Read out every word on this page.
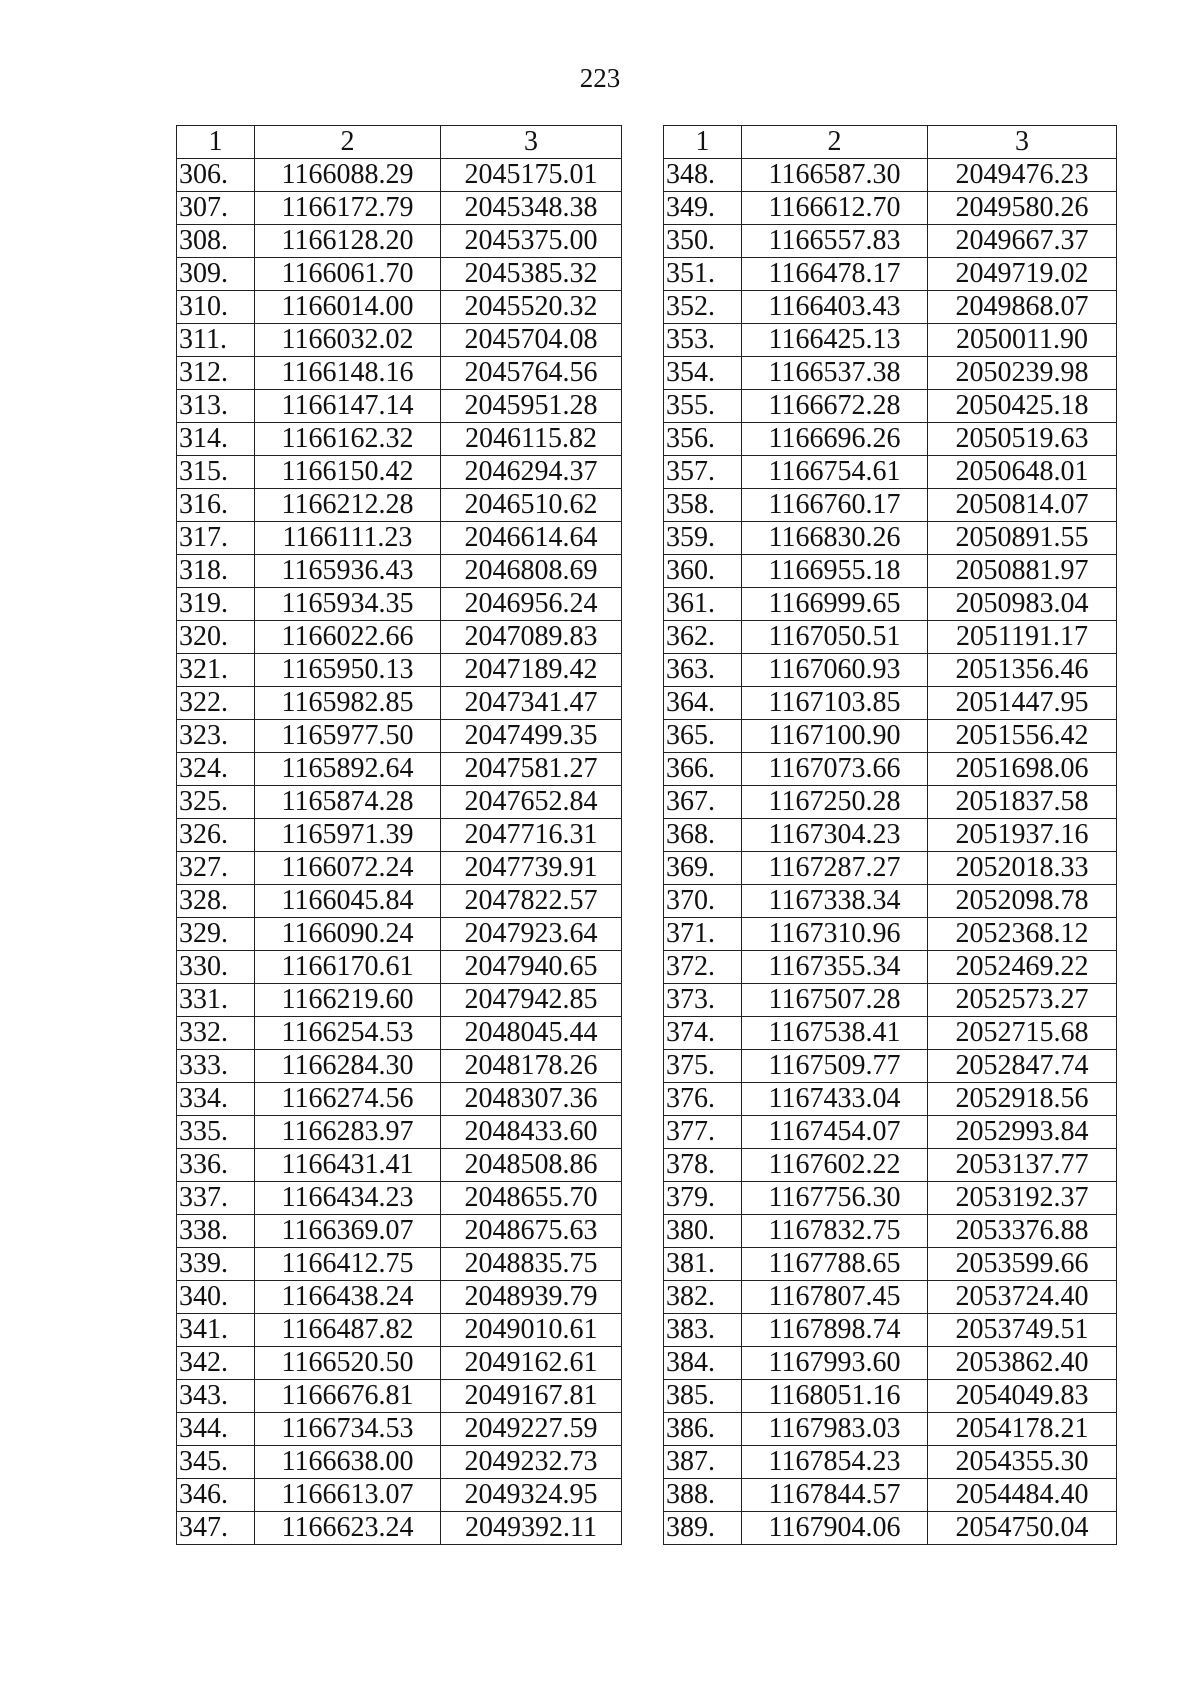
223
1	2	3
306.	1166088.29	2045175.01
307.	1166172.79	2045348.38
308.	1166128.20	2045375.00
309.	1166061.70	2045385.32
310.	1166014.00	2045520.32
311.	1166032.02	2045704.08
312.	1166148.16	2045764.56
313.	1166147.14	2045951.28
314.	1166162.32	2046115.82
315.	1166150.42	2046294.37
316.	1166212.28	2046510.62
317.	1166111.23	2046614.64
318.	1165936.43	2046808.69
319.	1165934.35	2046956.24
320.	1166022.66	2047089.83
321.	1165950.13	2047189.42
322.	1165982.85	2047341.47
323.	1165977.50	2047499.35
324.	1165892.64	2047581.27
325.	1165874.28	2047652.84
326.	1165971.39	2047716.31
327.	1166072.24	2047739.91
328.	1166045.84	2047822.57
329.	1166090.24	2047923.64
330.	1166170.61	2047940.65
331.	1166219.60	2047942.85
332.	1166254.53	2048045.44
333.	1166284.30	2048178.26
334.	1166274.56	2048307.36
335.	1166283.97	2048433.60
336.	1166431.41	2048508.86
337.	1166434.23	2048655.70
338.	1166369.07	2048675.63
339.	1166412.75	2048835.75
340.	1166438.24	2048939.79
341.	1166487.82	2049010.61
342.	1166520.50	2049162.61
343.	1166676.81	2049167.81
344.	1166734.53	2049227.59
345.	1166638.00	2049232.73
346.	1166613.07	2049324.95
347.	1166623.24	2049392.11
1	2	3
348.	1166587.30	2049476.23
349.	1166612.70	2049580.26
350.	1166557.83	2049667.37
351.	1166478.17	2049719.02
352.	1166403.43	2049868.07
353.	1166425.13	2050011.90
354.	1166537.38	2050239.98
355.	1166672.28	2050425.18
356.	1166696.26	2050519.63
357.	1166754.61	2050648.01
358.	1166760.17	2050814.07
359.	1166830.26	2050891.55
360.	1166955.18	2050881.97
361.	1166999.65	2050983.04
362.	1167050.51	2051191.17
363.	1167060.93	2051356.46
364.	1167103.85	2051447.95
365.	1167100.90	2051556.42
366.	1167073.66	2051698.06
367.	1167250.28	2051837.58
368.	1167304.23	2051937.16
369.	1167287.27	2052018.33
370.	1167338.34	2052098.78
371.	1167310.96	2052368.12
372.	1167355.34	2052469.22
373.	1167507.28	2052573.27
374.	1167538.41	2052715.68
375.	1167509.77	2052847.74
376.	1167433.04	2052918.56
377.	1167454.07	2052993.84
378.	1167602.22	2053137.77
379.	1167756.30	2053192.37
380.	1167832.75	2053376.88
381.	1167788.65	2053599.66
382.	1167807.45	2053724.40
383.	1167898.74	2053749.51
384.	1167993.60	2053862.40
385.	1168051.16	2054049.83
386.	1167983.03	2054178.21
387.	1167854.23	2054355.30
388.	1167844.57	2054484.40
389.	1167904.06	2054750.04
